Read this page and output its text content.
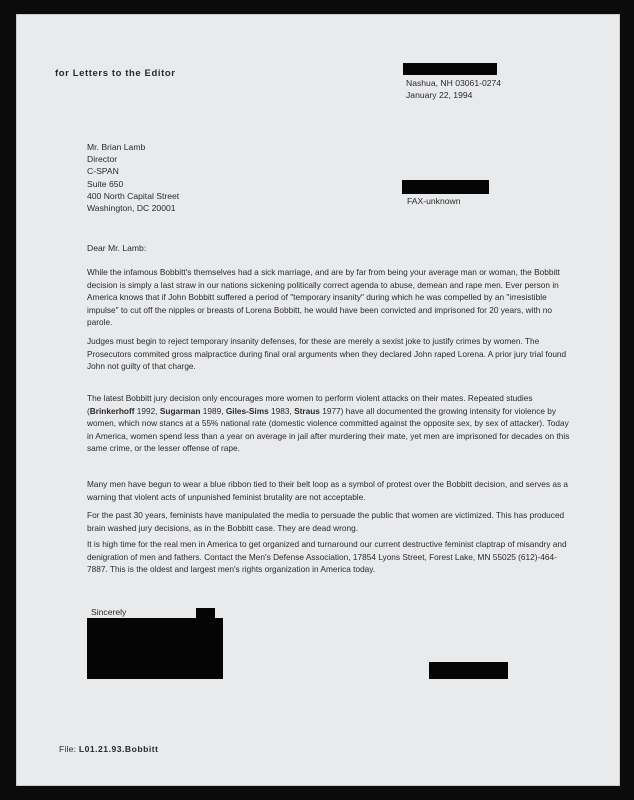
for Letters to the Editor
Nashua, NH 03061-0274
January 22, 1994
Mr. Brian Lamb
Director
C-SPAN
Suite 650
400 North Capital Street
Washington, DC 20001
FAX-unknown
Dear Mr. Lamb:

While the infamous Bobbitt's themselves had a sick marriage, and are by far from being your average man or woman, the Bobbitt decision is simply a last straw in our nations sickening politically correct agenda to abuse, demean and rape men. Ever person in America knows that if John Bobbitt suffered a period of "temporary insanity" during which he was compelled by an "irresistible impulse" to cut off the nipples or breasts of Lorena Bobbitt, he would have been convicted and imprisoned for 20 years, with no parole.

Judges must begin to reject temporary insanity defenses, for these are merely a sexist joke to justify crimes by women. The Prosecutors commited gross malpractice during final oral arguments when they declared John raped Lorena. A prior jury trial found John not guilty of that charge.

The latest Bobbitt jury decision only encourages more women to perform violent attacks on their mates. Repeated studies (Brinkerhoff 1992, Sugarman 1989, Giles-Sims 1983, Straus 1977) have all documented the growing intensity for violence by women, which now stancs at a 55% national rate (domestic violence committed against the opposite sex, by sex of attacker). Today in America, women spend less than a year on average in jail after murdering their mate, yet men are imprisoned for decades on this same crime, or the lesser offense of rape.

Many men have begun to wear a blue ribbon tied to their belt loop as a symbol of protest over the Bobbitt decision, and serves as a warning that violent acts of unpunished feminist brutality are not acceptable.

For the past 30 years, feminists have manipulated the media to persuade the public that women are victimized. This has produced brain washed jury decisions, as in the Bobbitt case. They are dead wrong.

It is high time for the real men in America to get organized and turnaround our current destructive feminist claptrap of misandry and denigration of men and fathers. Contact the Men's Defense Association, 17854 Lyons Street, Forest Lake, MN 55025 (612)-464-7887. This is the oldest and largest men's rights organization in America today.

Sincerely
File: L01.21.93.Bobbitt
